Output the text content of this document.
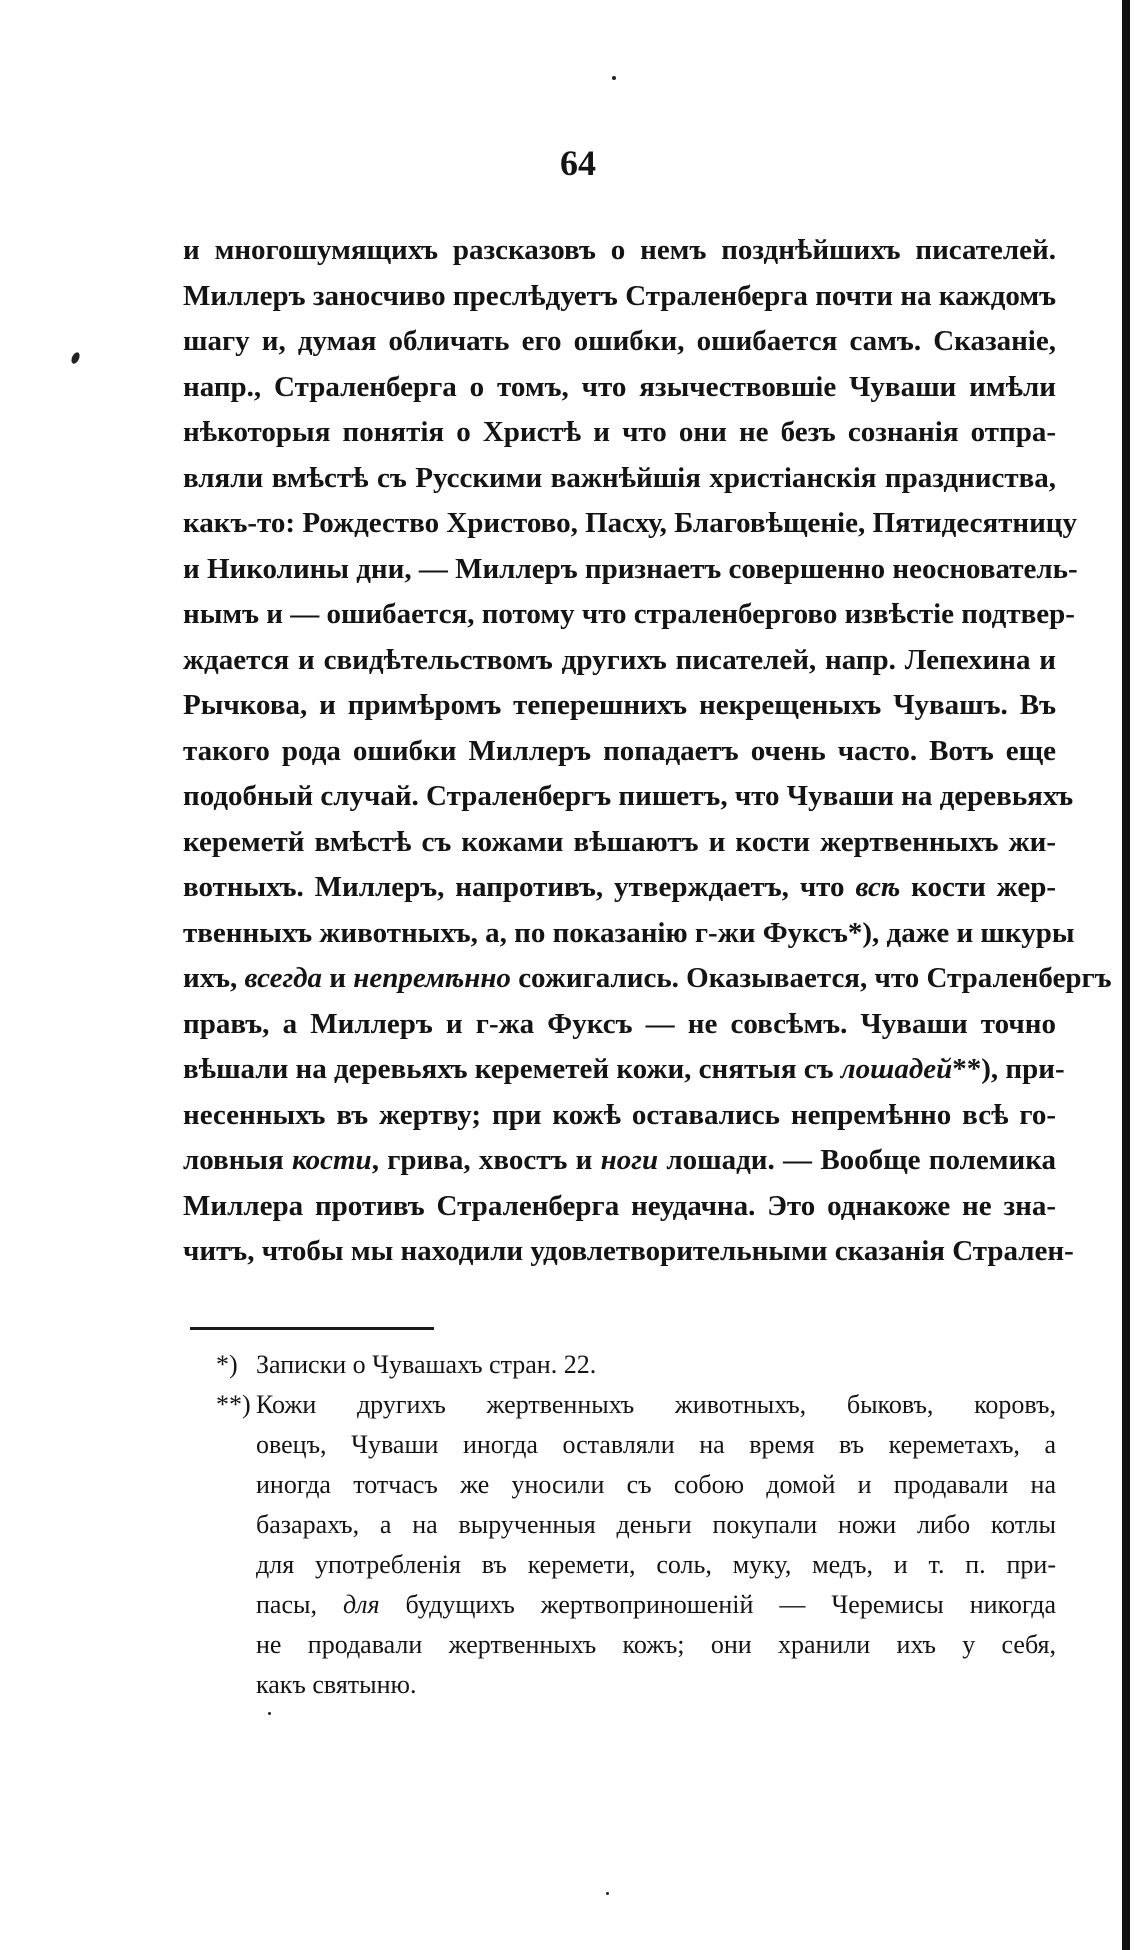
64
и многошумящихъ разсказовъ о немъ позднѣйшихъ писателей.
Миллеръ заносчиво преслѣдуетъ Страленберга почти на каждомъ
шагу и, думая обличать его ошибки, ошибается самъ. Сказаніе,
напр., Страленберга о томъ, что язычествовшіе Чуваши имѣли
нѣкоторыя понятія о Христѣ и что они не безъ сознанія отпра-
вляли вмѣстѣ съ Русскими важнѣйшія христіанскія праздниства,
какъ-то: Рождество Христово, Пасху, Благовѣщеніе, Пятидесятницу
и Николины дни, — Миллеръ признаетъ совершенно неоснователь-
нымъ и — ошибается, потому что страленбергово извѣстіе подтвер-
ждается и свидѣтельствомъ другихъ писателей, напр. Лепехина и
Рычкова, и примѣромъ теперешнихъ некрещеныхъ Чувашъ. Въ
такого рода ошибки Миллеръ попадаетъ очень часто. Вотъ еще
подобный случай. Страленбергъ пишетъ, что Чуваши на деревьяхъ
кереметй вмѣстѣ съ кожами вѣшаютъ и кости жертвенныхъ жи-
вотныхъ. Миллеръ, напротивъ, утверждаетъ, что всѣ кости жер-
твенныхъ животныхъ, а, по показанію г-жи Фуксъ*), даже и шкуры
ихъ, всегда и непремѣнно сожигались. Оказывается, что Страленбергъ
правъ, а Миллеръ и г-жа Фуксъ — не совсѣмъ. Чуваши точно
вѣшали на деревьяхъ кереметей кожи, снятыя съ лошадей**), при-
несенныхъ въ жертву; при кожѣ оставались непремѣнно всѣ го-
ловныя кости, грива, хвостъ и ноги лошади. — Вообще полемика
Миллера противъ Страленберга неудачна. Это однакоже не зна-
читъ, чтобы мы находили удовлетворительными сказанія Стрален-
*) Записки о Чувашахъ стран. 22.
**) Кожи другихъ жертвенныхъ животныхъ, быковъ, коровъ,
овецъ, Чуваши иногда оставляли на время въ кереметахъ, а
иногда тотчасъ же уносили съ собою домой и продавали на
базарахъ, а на вырученныя деньги покупали ножи либо котлы
для употребленія въ керемети, соль, муку, медъ, и т. п. при-
пасы, для будущихъ жертвоприношеній — Черемисы никогда
не продавали жертвенныхъ кожъ; они хранили ихъ у себя,
какъ святыню.
